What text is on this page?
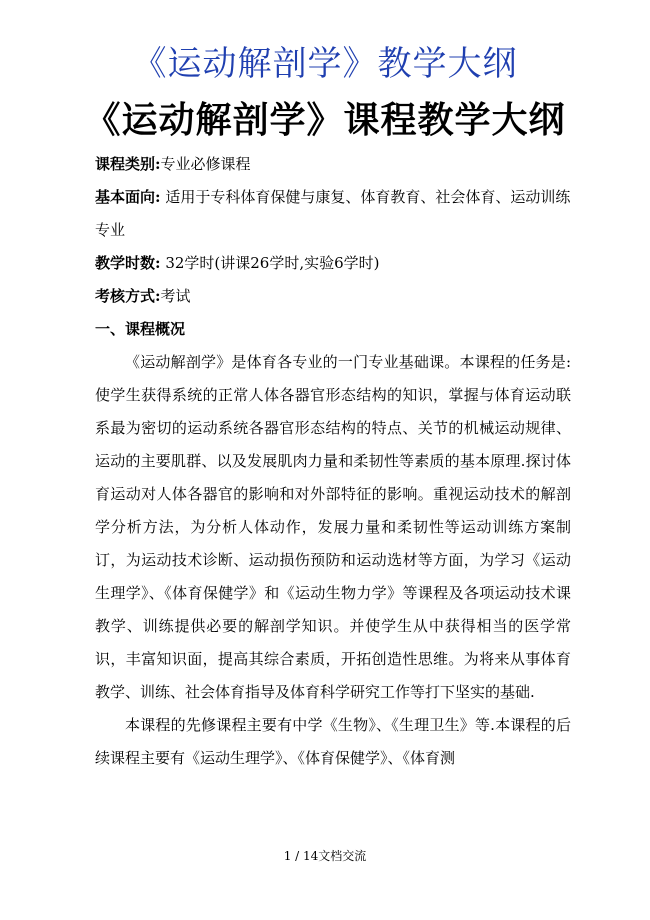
《运动解剖学》教学大纲
《运动解剖学》课程教学大纲

课程类别:专业必修课程

基本面向: 适用于专科体育保健与康复、体育教育、社会体育、运动训练专业

教学时数: 32学时(讲课26学时,实验6学时)

考核方式:考试

一、课程概况

《运动解剖学》是体育各专业的一门专业基础课。本课程的任务是:使学生获得系统的正常人体各器官形态结构的知识，掌握与体育运动联系最为密切的运动系统各器官形态结构的特点、关节的机械运动规律、运动的主要肌群、以及发展肌肉力量和柔韧性等素质的基本原理.探讨体育运动对人体各器官的影响和对外部特征的影响。重视运动技术的解剖学分析方法，为分析人体动作，发展力量和柔韧性等运动训练方案制订，为运动技术诊断、运动损伤预防和运动选材等方面，为学习《运动生理学》、《体育保健学》和《运动生物力学》等课程及各项运动技术课教学、训练提供必要的解剖学知识。并使学生从中获得相当的医学常识，丰富知识面，提高其综合素质，开拓创造性思维。为将来从事体育教学、训练、社会体育指导及体育科学研究工作等打下坚实的基础.

本课程的先修课程主要有中学《生物》、《生理卫生》等.本课程的后续课程主要有《运动生理学》、《体育保健学》、《体育测

1 / 14文档交流
